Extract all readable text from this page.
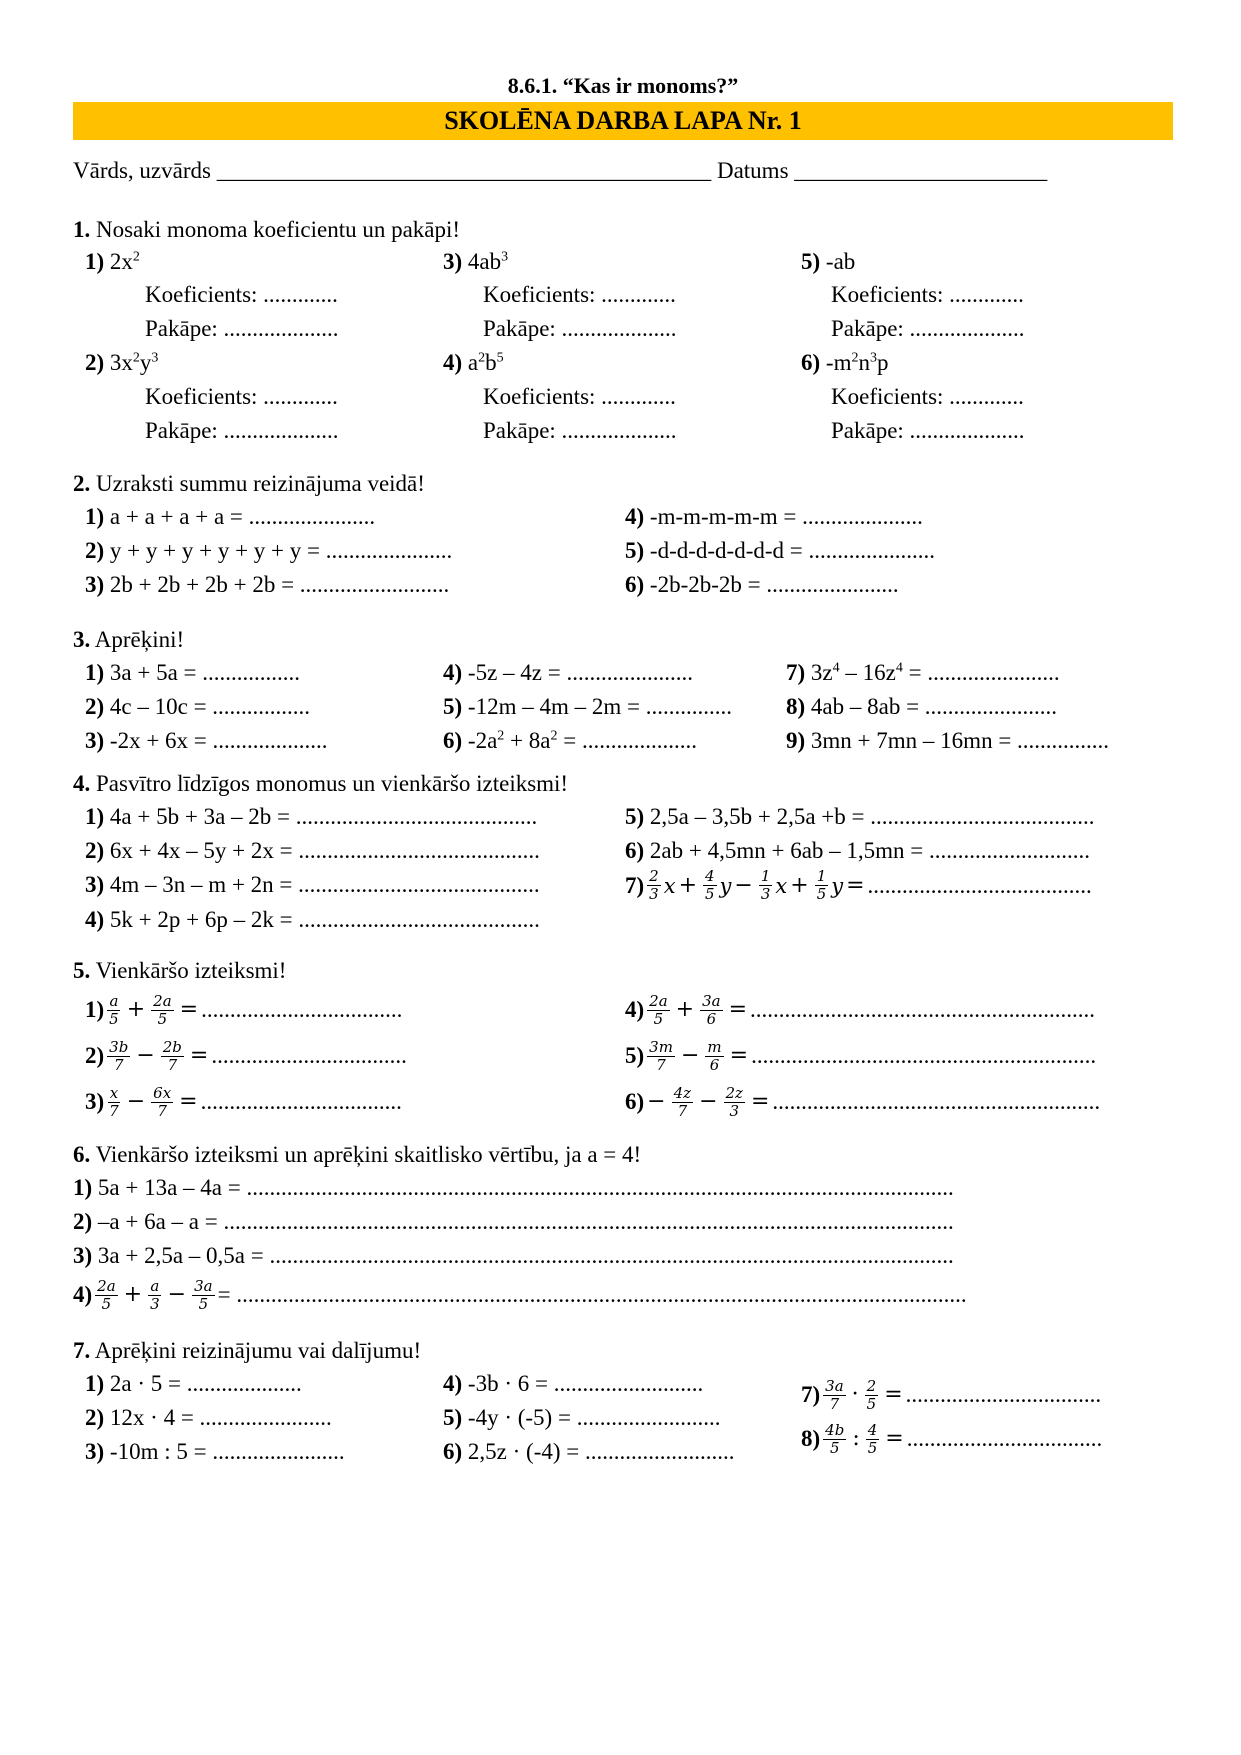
8.6.1. “Kas ir monoms?”
SKOLĒNA DARBA LAPA Nr. 1
Vārds, uzvārds ___________________________________________ Datums ______________________
1. Nosaki monoma koeficientu un pakāpi!
1) $2x^2$
Koeficients: .............
Pakāpe: ....................
2) $3x^2y^3$
Koeficients: .............
Pakāpe: ....................
3) $4ab^3$
Koeficients: .............
Pakāpe: ....................
4) $a^2b^5$
Koeficients: .............
Pakāpe: ....................
5) -ab
Koeficients: .............
Pakāpe: ....................
6) $-m^2n^3p$
Koeficients: .............
Pakāpe: ....................
2. Uzraksti summu reizinājuma veidā!
1) a + a + a + a = ......................	4) -m-m-m-m-m = .....................
2) y + y + y + y + y + y = ......................	5) -d-d-d-d-d-d-d = ......................
3) 2b + 2b + 2b + 2b = ..........................	6) -2b-2b-2b = .......................
3. Aprēķini!
1) 3a + 5a = .................	4) -5z – 4z = ......................	7) $3z^4 - 16z^4$ = .......................
2) 4c – 10c = .................	5) -12m – 4m – 2m = ...............	8) 4ab – 8ab = .......................
3) -2x + 6x = ....................	6) $-2a^2 + 8a^2$ = ....................	9) 3mn + 7mn – 16mn = ................
4. Pasvītro līdzīgos monomus un vienkāršo izteiksmi!
1) 4a + 5b + 3a – 2b = ..........................................	5) 2,5a – 3,5b + 2,5a +b = .......................................
2) 6x + 4x – 5y + 2x = ..........................................	6) 2ab + 4,5mn + 6ab – 1,5mn = ............................
3) 4m – 3n – m + 2n = ..........................................	$7) \frac{2}{3}$ $x + \frac{4}{5}$ $y - \frac{1}{3}$ $x + \frac{1}{5}$ y = .......................................
4) 5k + 2p + 6p – 2k = ..........................................
5. Vienkāršo izteiksmi!
$1) \frac{a}{5} + \frac{2a}{5}$ = ...................................	$4) \frac{2a}{5} + \frac{3a}{6}$ = ............................................................
$2) \frac{3b}{7} - \frac{2b}{7}$ = ..................................	$5) \frac{3m}{7} - \frac{m}{6}$ = ............................................................
$3) \frac{x}{7} - \frac{6x}{7}$ = ...................................	$6) - \frac{4z}{7} - \frac{2z}{3}$ = .........................................................
6. Vienkāršo izteiksmi un aprēķini skaitlisko vērtību, ja a = 4!
1) 5a + 13a – 4a = ...........................................................................................................................
2) –a + 6a – a = ...............................................................................................................................
3) 3a + 2,5a – 0,5a = .......................................................................................................................
$4) \frac{2a}{5} + \frac{a}{3} - \frac{3a}{5}$ = ...............................................................................................................................
7. Aprēķini reizinājumu vai dalījumu!
1) 2a · 5 = ....................
2) 12x · 4 = .......................
3) -10m : 5 = .......................
4) -3b · 6 = ..........................
5) -4y · (-5) = .........................
6) 2,5z · (-4) = ..........................
$7) \frac{3a}{7} \cdot \frac{2}{5}$ = ..................................
$8) \frac{4b}{5}$ : $\frac{4}{5}$ = ..................................
